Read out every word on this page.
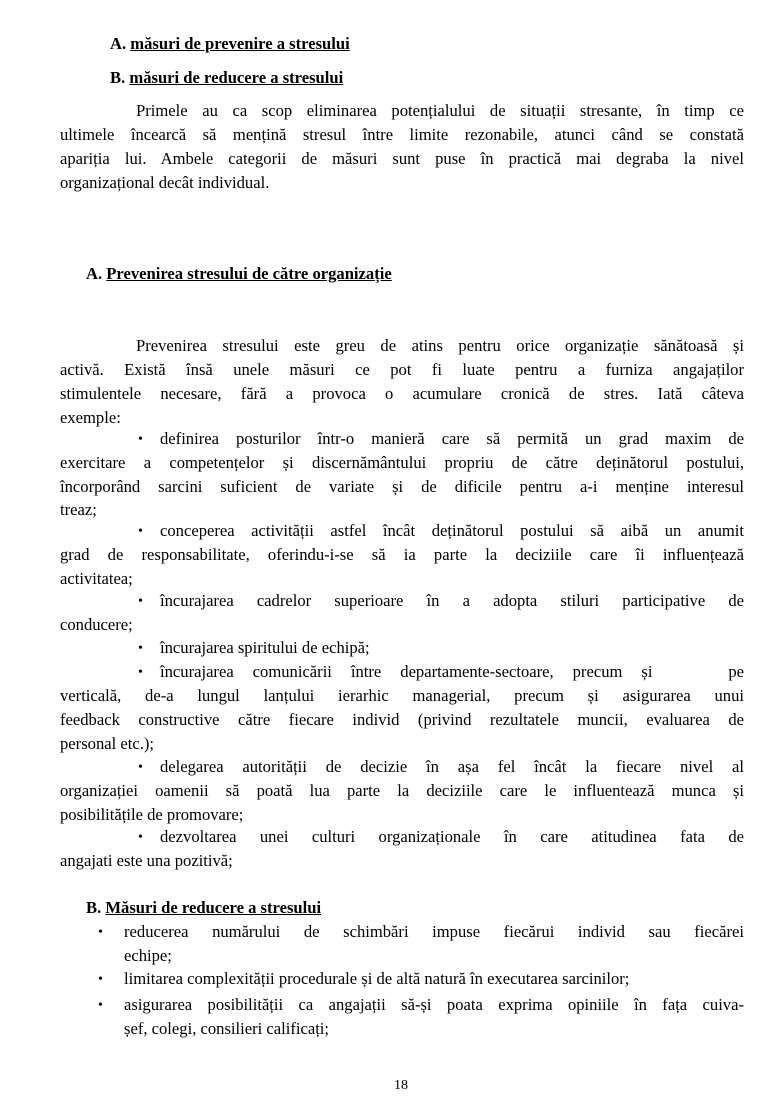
A. măsuri de prevenire a stresului
B. măsuri de reducere a stresului
Primele au ca scop eliminarea potențialului de situații stresante, în timp ce
ultimele încearcă să mențină stresul între limite rezonabile, atunci când se constată
apariția lui. Ambele categorii de măsuri sunt puse în practică mai degraba la nivel
organizațional decât individual.
A. Prevenirea stresului de către organizație
Prevenirea stresului este greu de atins pentru orice organizație sănătoasă și
activă. Există însă unele măsuri ce pot fi luate pentru a furniza angajaților
stimulentele necesare, fără a provoca o acumulare cronică de stres. Iată câteva
exemple:
• definirea posturilor într-o manieră care să permită un grad maxim de
exercitare a competențelor și discernământului propriu de către deținătorul postului,
încorporând sarcini suficient de variate și de dificile pentru a-i menține interesul
treaz;
• conceperea activității astfel încât deținătorul postului să aibă un anumit
grad de responsabilitate, oferindu-i-se să ia parte la deciziile care îi influențează
activitatea;
• încurajarea cadrelor superioare în a adopta stiluri participative de
conducere;
• încurajarea spiritului de echipă;
• încurajarea comunicării între departamente-sectoare, precum și    pe
verticală, de-a lungul lanțului ierarhic managerial, precum și asigurarea unui
feedback constructive către fiecare individ (privind rezultatele muncii, evaluarea de
personal etc.);
• delegarea autorității de decizie în așa fel încât la fiecare nivel al
organizației oamenii să poată lua parte la deciziile care le influentează munca și
posibilitățile de promovare;
• dezvoltarea unei culturi organizaționale în care atitudinea fata de
angajati este una pozitivă;
B. Măsuri de reducere a stresului
• reducerea numărului de schimbări impuse fiecărui individ sau fiecărei
echipe;
• limitarea complexității procedurale și de altă natură în executarea sarcinilor;
• asigurarea posibilității ca angajații să-și poata exprima opiniile în fața cuiva-
șef, colegi, consilieri calificați;
18
